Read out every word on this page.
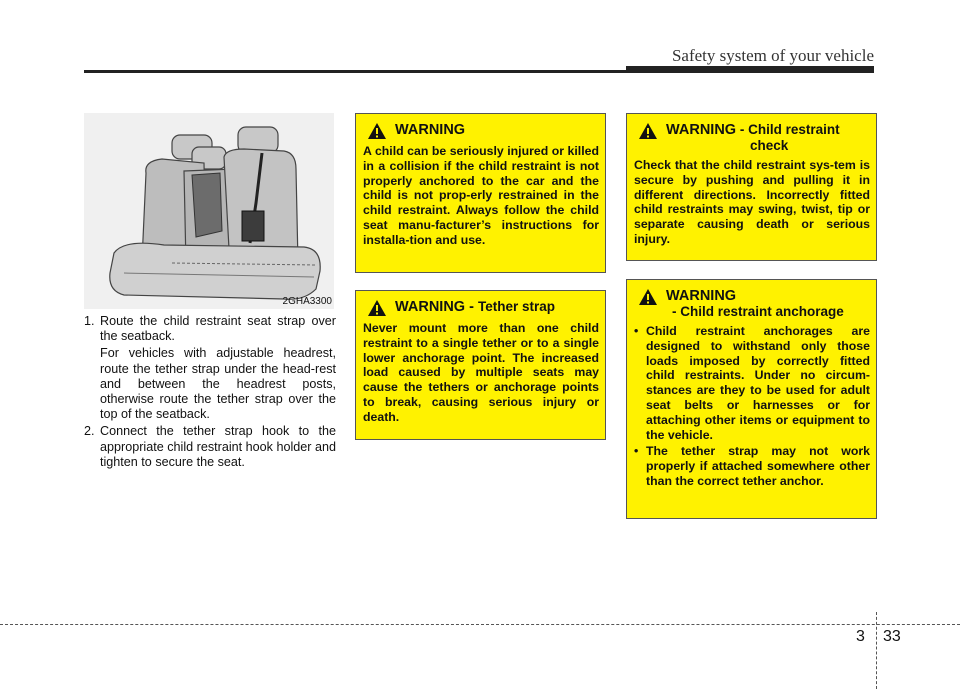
Safety system of your vehicle
2GHA3300

1. Route the child restraint seat strap over the seatback.

For vehicles with adjustable headrest, route the tether strap under the head-rest and between the headrest posts, otherwise route the tether strap over the top of the seatback.

2. Connect the tether strap hook to the appropriate child restraint hook holder and tighten to secure the seat.

WARNING
A child can be seriously injured or killed in a collision if the child restraint is not properly anchored to the car and the child is not prop-erly restrained in the child restraint. Always follow the child seat manu-facturer’s instructions for installa-tion and use.
WARNING - Tether strap
Never mount more than one child restraint to a single tether or to a single lower anchorage point. The increased load caused by multiple seats may cause the tethers or anchorage points to break, causing serious injury or death.
WARNING - Child restraint
check
Check that the child restraint sys-tem is secure by pushing and pulling it in different directions. Incorrectly fitted child restraints may swing, twist, tip or separate causing death or serious injury.
WARNING
- Child restraint anchorage
• Child restraint anchorages are designed to withstand only those loads imposed by correctly fitted child restraints. Under no circum-stances are they to be used for adult seat belts or harnesses or for attaching other items or equipment to the vehicle.
• The tether strap may not work properly if attached somewhere other than the correct tether anchor.
3 33
